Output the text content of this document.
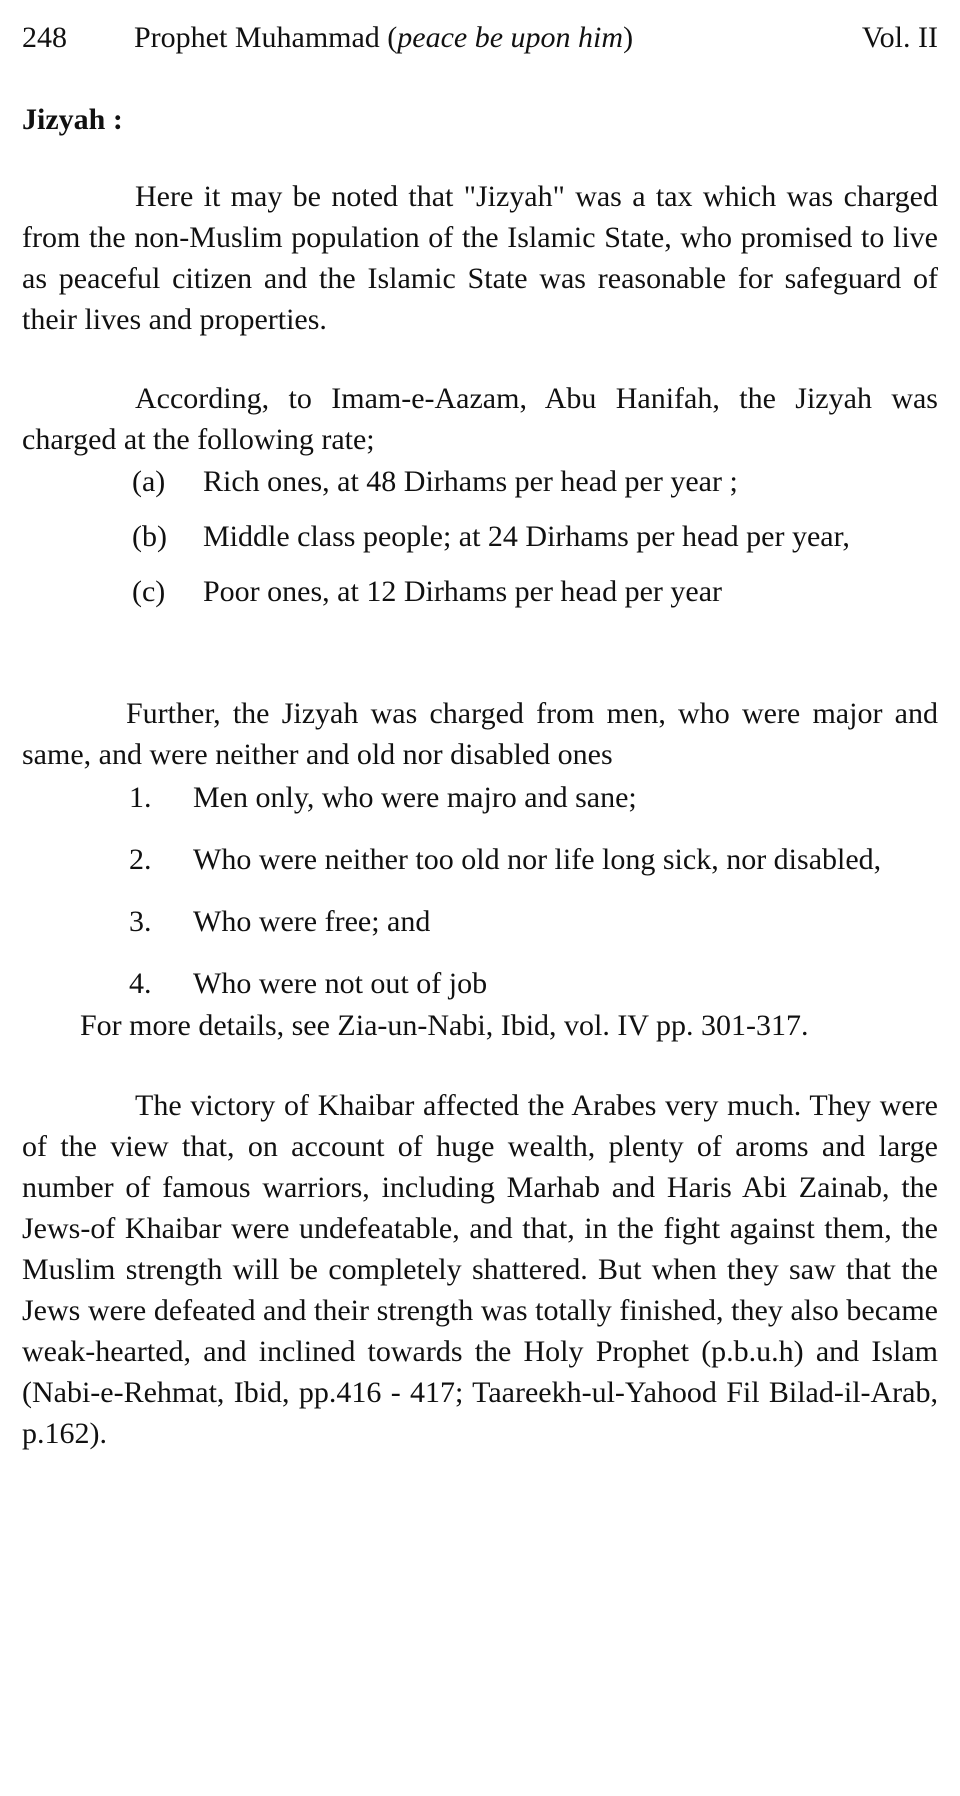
248 Prophet Muhammad (peace be upon him)	Vol. II
Jizyah :

Here it may be noted that "Jizyah" was a tax which was charged from the non-Muslim population of the Islamic State, who promised to live as peaceful citizen and the Islamic State was reasonable for safeguard of their lives and properties.

According, to Imam-e-Aazam, Abu Hanifah, the Jizyah was charged at the following rate;

(a) Rich ones, at 48 Dirhams per head per year ;
(b) Middle class people; at 24 Dirhams per head per year,
(c) Poor ones, at 12 Dirhams per head per year

Further, the Jizyah was charged from men, who were major and same, and were neither and old nor disabled ones

1. Men only, who were majro and sane;
2. Who were neither too old nor life long sick, nor disabled,
3. Who were free; and
4. Who were not out of job

For more details, see Zia-un-Nabi, Ibid, vol. IV pp. 301-317.

The victory of Khaibar affected the Arabes very much. They were of the view that, on account of huge wealth, plenty of aroms and large number of famous warriors, including Marhab and Haris Abi Zainab, the Jews-of Khaibar were undefeatable, and that, in the fight against them, the Muslim strength will be completely shattered. But when they saw that the Jews were defeated and their strength was totally finished, they also became weak-hearted, and inclined towards the Holy Prophet (p.b.u.h) and Islam (Nabi-e-Rehmat, Ibid, pp.416 - 417; Taareekh-ul-Yahood Fil Bilad-il-Arab, p.162).
